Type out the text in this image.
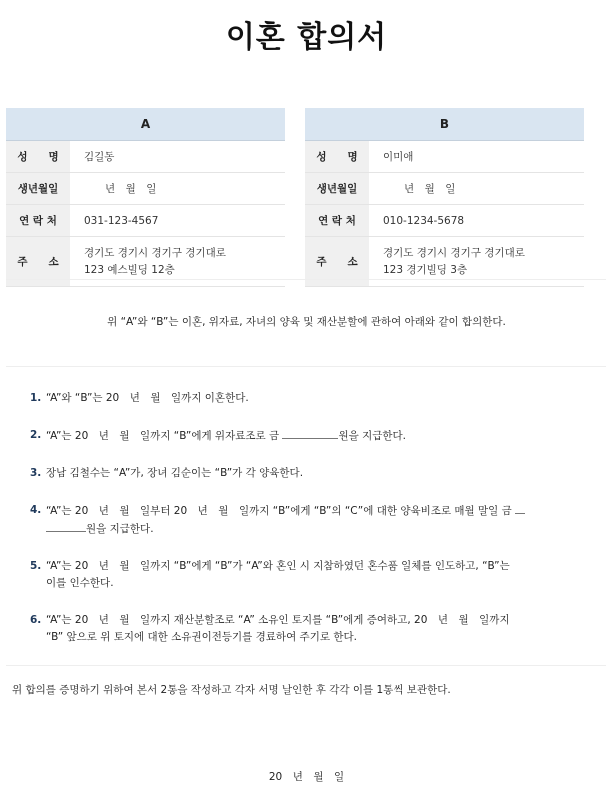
이혼 합의서
A	
성　　명	김길동
생년월일	　　년　월　일
연 락 처	031-123-4567
주　　소	경기도 경기시 경기구 경기대로
123 예스빌딩 12층
B	
성　　명	이미애
생년월일	　　년　월　일
연 락 처	010-1234-5678
주　　소	경기도 경기시 경기구 경기대로
123 경기빌딩 3층
위 “A”와 “B”는 이혼, 위자료, 자녀의 양육 및 재산분할에 관하여 아래와 같이 합의한다.
1. “A”와 “B”는 20　년　월　일까지 이혼한다.
2. “A”는 20　년　월　일까지 “B”에게 위자료조로 금	원을 지급한다.
3. 장남 김철수는 “A”가, 장녀 김순이는 “B”가 각 양육한다.
4. “A”는 20　년　월　일부터 20　년　월　일까지 “B”에게 “B”의 “C”에 대한 양육비조로 매월 말일 금
원을 지급한다.
5. “A”는 20　년　월　일까지 “B”에게 “B”가 “A”와 혼인 시 지참하였던 혼수품 일체를 인도하고, “B”는
이를 인수한다.
6. “A”는 20　년　월　일까지 재산분할조로 “A” 소유인 토지를 “B”에게 증여하고, 20　년　월　일까지
“B” 앞으로 위 토지에 대한 소유권이전등기를 경료하여 주기로 한다.
위 합의를 증명하기 위하여 본서 2통을 작성하고 각자 서명 날인한 후 각각 이를 1통씩 보관한다.
20　년　월　일
